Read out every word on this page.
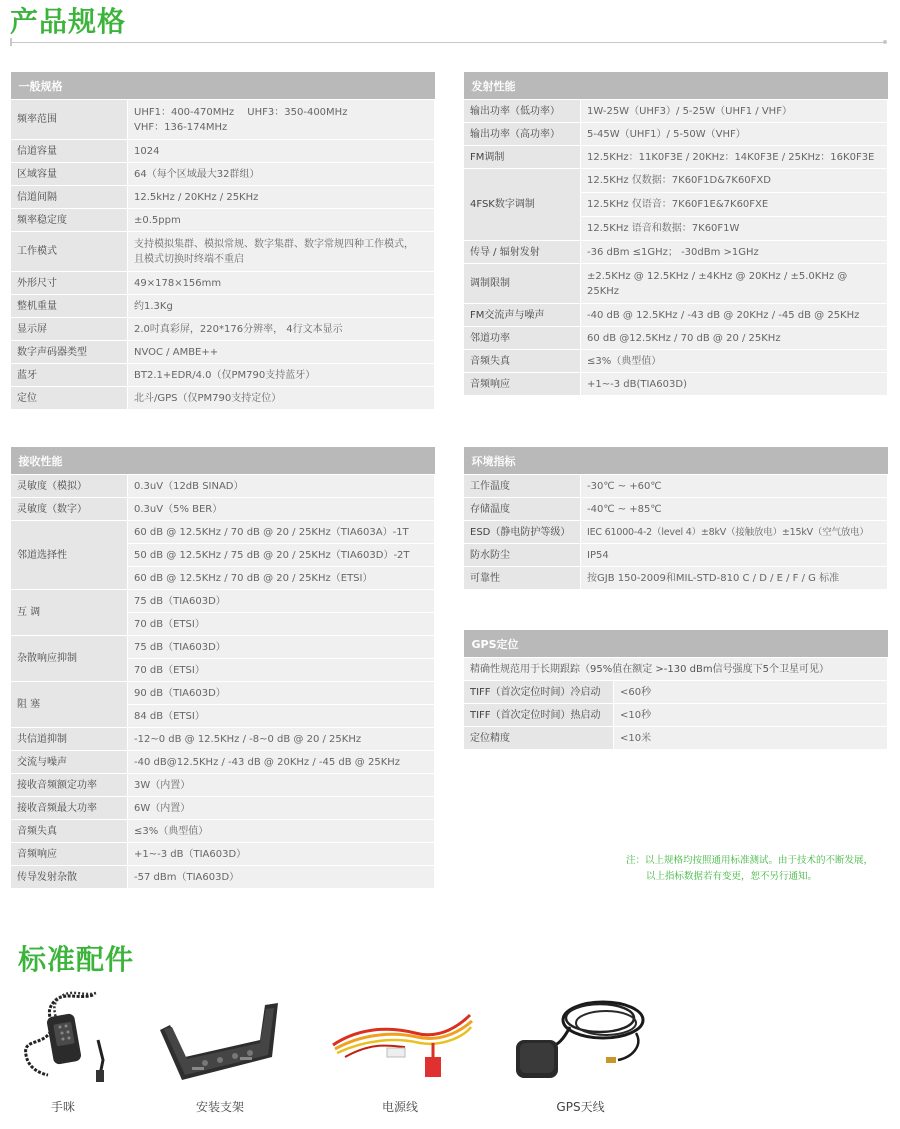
产品规格
一般规格	
频率范围	UHF1：400-470MHz　 UHF3：350-400MHz
VHF：136-174MHz

信道容量	1024
区域容量	64（每个区域最大32群组）
信道间隔	12.5kHz / 20KHz / 25KHz
频率稳定度	±0.5ppm
工作模式	支持模拟集群、模拟常规、数字集群、数字常规四种工作模式，
且模式切换时终端不重启

外形尺寸	49×178×156mm
整机重量	约1.3Kg
显示屏	2.0吋真彩屏，220*176分辨率， 4行文本显示
数字声码器类型	NVOC / AMBE++
蓝牙	BT2.1+EDR/4.0（仅PM790支持蓝牙）
定位	北斗/GPS（仅PM790支持定位）
发射性能	
输出功率（低功率）	1W-25W（UHF3）/ 5-25W（UHF1 / VHF）
输出功率（高功率）	5-45W（UHF1）/ 5-50W（VHF）
FM调制	12.5KHz：11K0F3E / 20KHz：14K0F3E / 25KHz：16K0F3E
4FSK数字调制	12.5KHz 仅数据：7K60F1D&7K60FXD
	12.5KHz 仅语音：7K60F1E&7K60FXE
	12.5KHz 语音和数据：7K60F1W
传导 / 辐射发射	-36 dBm ≤1GHz； -30dBm >1GHz
调制限制	±2.5KHz @ 12.5KHz / ±4KHz @ 20KHz / ±5.0KHz @
25KHz

FM交流声与噪声	-40 dB @ 12.5KHz / -43 dB @ 20KHz / -45 dB @ 25KHz
邻道功率	60 dB @12.5KHz / 70 dB @ 20 / 25KHz
音频失真	≤3%（典型值）
音频响应	+1~-3 dB(TIA603D)
接收性能	
灵敏度（模拟）	0.3uV（12dB SINAD）
灵敏度（数字）	0.3uV（5% BER）
邻道选择性	60 dB @ 12.5KHz / 70 dB @ 20 / 25KHz（TIA603A）-1T
	50 dB @ 12.5KHz / 75 dB @ 20 / 25KHz（TIA603D）-2T
	60 dB @ 12.5KHz / 70 dB @ 20 / 25KHz（ETSI）
互 调	75 dB（TIA603D）
	70 dB（ETSI）
杂散响应抑制	75 dB（TIA603D）
	70 dB（ETSI）
阻 塞	90 dB（TIA603D）
	84 dB（ETSI）
共信道抑制	-12~0 dB @ 12.5KHz / -8~0 dB @ 20 / 25KHz
交流与噪声	-40 dB@12.5KHz / -43 dB @ 20KHz / -45 dB @ 25KHz
接收音频额定功率	3W（内置）
接收音频最大功率	6W（内置）
音频失真	≤3%（典型值）
音频响应	+1~-3 dB（TIA603D）
传导发射杂散	-57 dBm（TIA603D）
环境指标	
工作温度	-30℃ ~ +60℃
存储温度	-40℃ ~ +85℃
ESD（静电防护等级）	IEC 61000-4-2（level 4）±8kV（接触放电）±15kV（空气放电）
防水防尘	IP54
可靠性	按GJB 150-2009和MIL-STD-810 C / D / E / F / G 标准
GPS定位	
精确性规范用于长期跟踪（95%值在额定 >-130 dBm信号强度下5个卫星可见）	
TIFF（首次定位时间）冷启动	<60秒
TIFF（首次定位时间）热启动	<10秒
定位精度	<10米
注：以上规格均按照通用标准测试。由于技术的不断发展，
以上指标数据若有变更，恕不另行通知。
标准配件
手咪	安装支架	电源线	GPS天线
